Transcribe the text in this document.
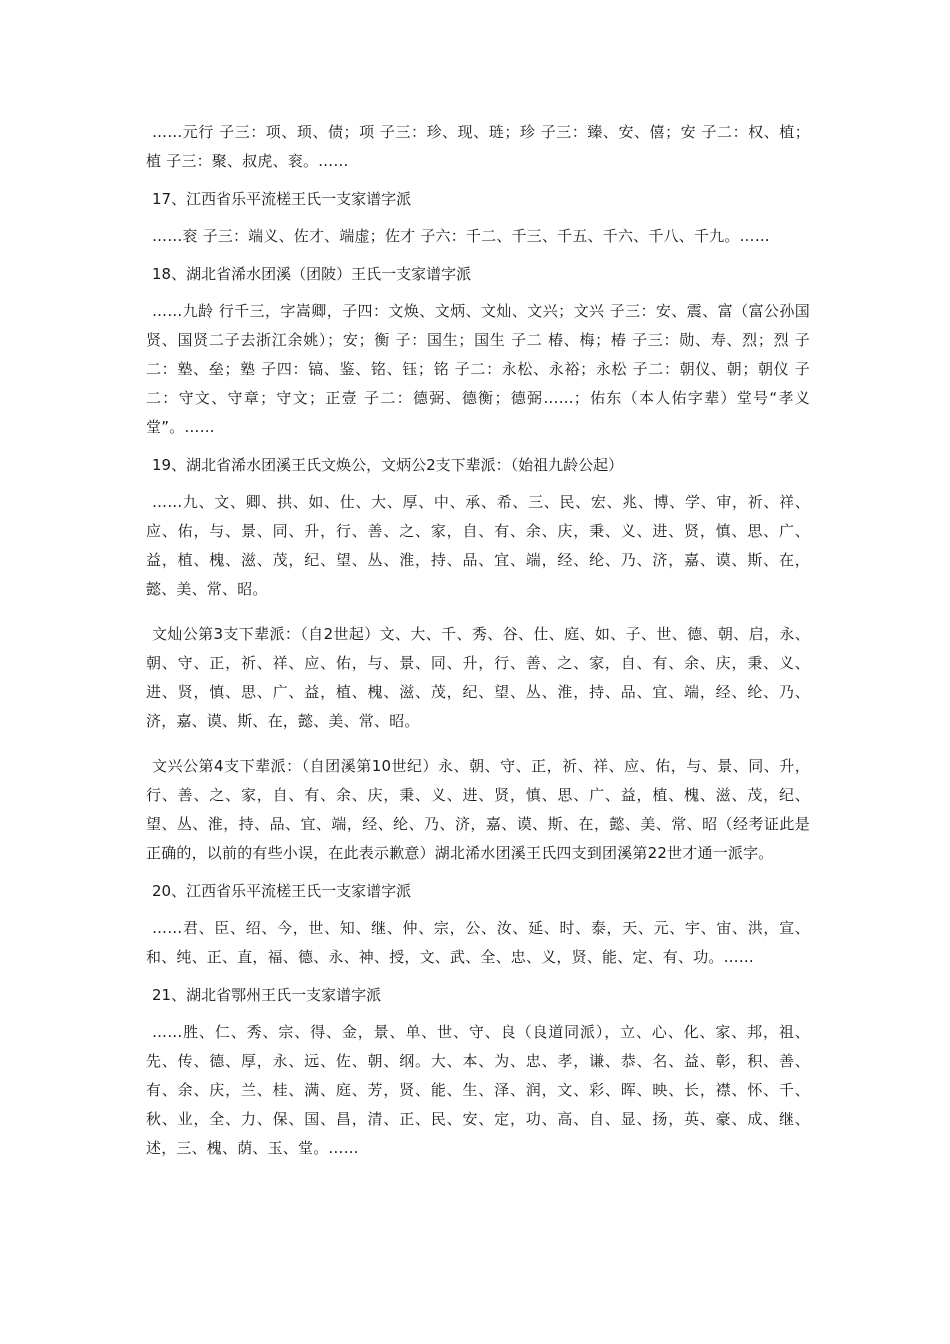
……元行 子三：项、顼、债；项 子三：珍、现、琏；珍 子三：臻、安、僖；安 子二：权、植；植 子三：聚、叔虎、衮。……

17、江西省乐平流槎王氏一支家谱字派

……衮 子三：端义、佐才、端虚；佐才 子六：千二、千三、千五、千六、千八、千九。……

18、湖北省浠水团溪（团陂）王氏一支家谱字派

……九龄 行千三，字嵩卿，子四：文焕、文炳、文灿、文兴；文兴 子三：安、震、富（富公孙国贤、国贤二子去浙江余姚）；安；衡 子：国生；国生 子二 椿、梅；椿 子三：勋、寿、烈；烈 子二：塾、垒；塾 子四：镐、鉴、铭、钰；铭 子二：永松、永裕；永松 子二：朝仪、朝；朝仪 子二：守文、守章；守文；正壹 子二：德弼、德衡；德弼……；佑东（本人佑字辈）堂号“孝义堂”。……

19、湖北省浠水团溪王氏文焕公，文炳公2支下辈派：（始祖九龄公起）

……九、文、卿、拱、如、仕、大、厚、中、承、希、三、民、宏、兆、博、学、审，祈、祥、应、佑，与、景、同、升，行、善、之、家，自、有、余、庆，秉、义、进、贤，慎、思、广、益，植、槐、滋、茂，纪、望、丛、淮，持、品、宜、端，经、纶、乃、济，嘉、谟、斯、在，懿、美、常、昭。

文灿公第3支下辈派：（自2世起）文、大、千、秀、谷、仕、庭、如、子、世、德、朝、启，永、朝、守、正，祈、祥、应、佑，与、景、同、升，行、善、之、家，自、有、余、庆，秉、义、进、贤，慎、思、广、益，植、槐、滋、茂，纪、望、丛、淮，持、品、宜、端，经、纶、乃、济，嘉、谟、斯、在，懿、美、常、昭。

文兴公第4支下辈派：（自团溪第10世纪）永、朝、守、正，祈、祥、应、佑，与、景、同、升，行、善、之、家，自、有、余、庆，秉、义、进、贤，慎、思、广、益，植、槐、滋、茂，纪、望、丛、淮，持、品、宜、端，经、纶、乃、济，嘉、谟、斯、在，懿、美、常、昭（经考证此是正确的，以前的有些小误，在此表示歉意）湖北浠水团溪王氏四支到团溪第22世才通一派字。

20、江西省乐平流槎王氏一支家谱字派

……君、臣、绍、今，世、知、继、仲、宗，公、汝、延、时、泰，天、元、宇、宙、洪，宣、和、纯、正、直，福、德、永、神、授，文、武、全、忠、义，贤、能、定、有、功。……

21、湖北省鄂州王氏一支家谱字派

……胜、仁、秀、宗、得、金，景、单、世、守、良（良道同派），立、心、化、家、邦，祖、先、传、德、厚，永、远、佐、朝、纲。大、本、为、忠、孝，谦、恭、名、益、彰，积、善、有、余、庆，兰、桂、满、庭、芳，贤、能、生、泽、润，文、彩、晖、映、长，襟、怀、千、秋、业，全、力、保、国、昌，清、正、民、安、定，功、高、自、显、扬，英、豪、成、继、述，三、槐、荫、玉、堂。……
